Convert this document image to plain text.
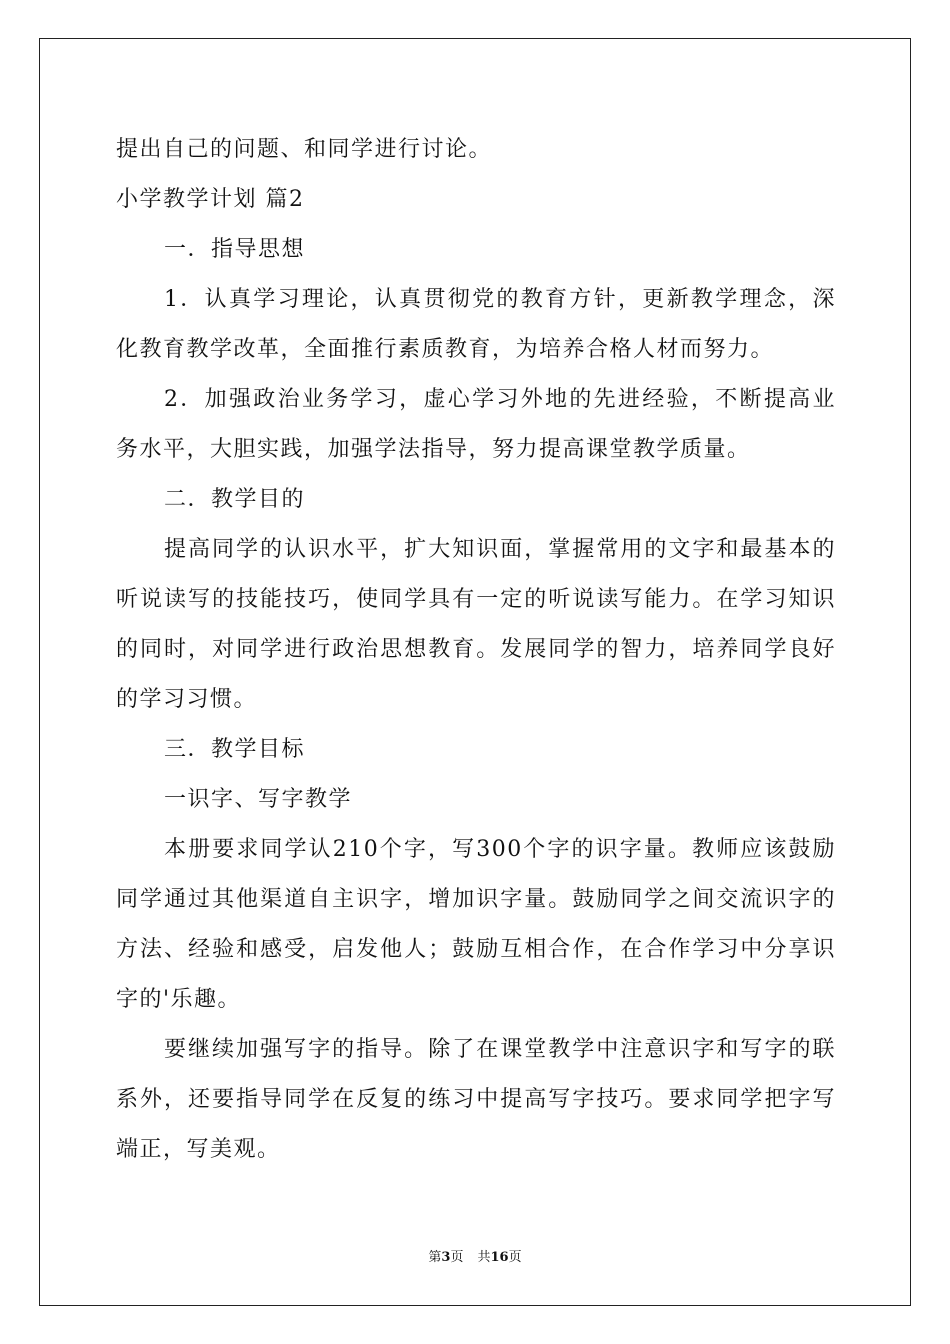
提出自己的问题、和同学进行讨论。
小学教学计划 篇2
一．指导思想
1．认真学习理论，认真贯彻党的教育方针，更新教学理念，深
化教育教学改革，全面推行素质教育，为培养合格人材而努力。
2．加强政治业务学习，虚心学习外地的先进经验，不断提高业
务水平，大胆实践，加强学法指导，努力提高课堂教学质量。
二．教学目的
提高同学的认识水平，扩大知识面，掌握常用的文字和最基本的
听说读写的技能技巧，使同学具有一定的听说读写能力。在学习知识
的同时，对同学进行政治思想教育。发展同学的智力，培养同学良好
的学习习惯。
三．教学目标
一识字、写字教学
本册要求同学认210个字，写300个字的识字量。教师应该鼓励
同学通过其他渠道自主识字，增加识字量。鼓励同学之间交流识字的
方法、经验和感受，启发他人；鼓励互相合作，在合作学习中分享识
字的'乐趣。
要继续加强写字的指导。除了在课堂教学中注意识字和写字的联
系外，还要指导同学在反复的练习中提高写字技巧。要求同学把字写
端正，写美观。
第3页 共16页
